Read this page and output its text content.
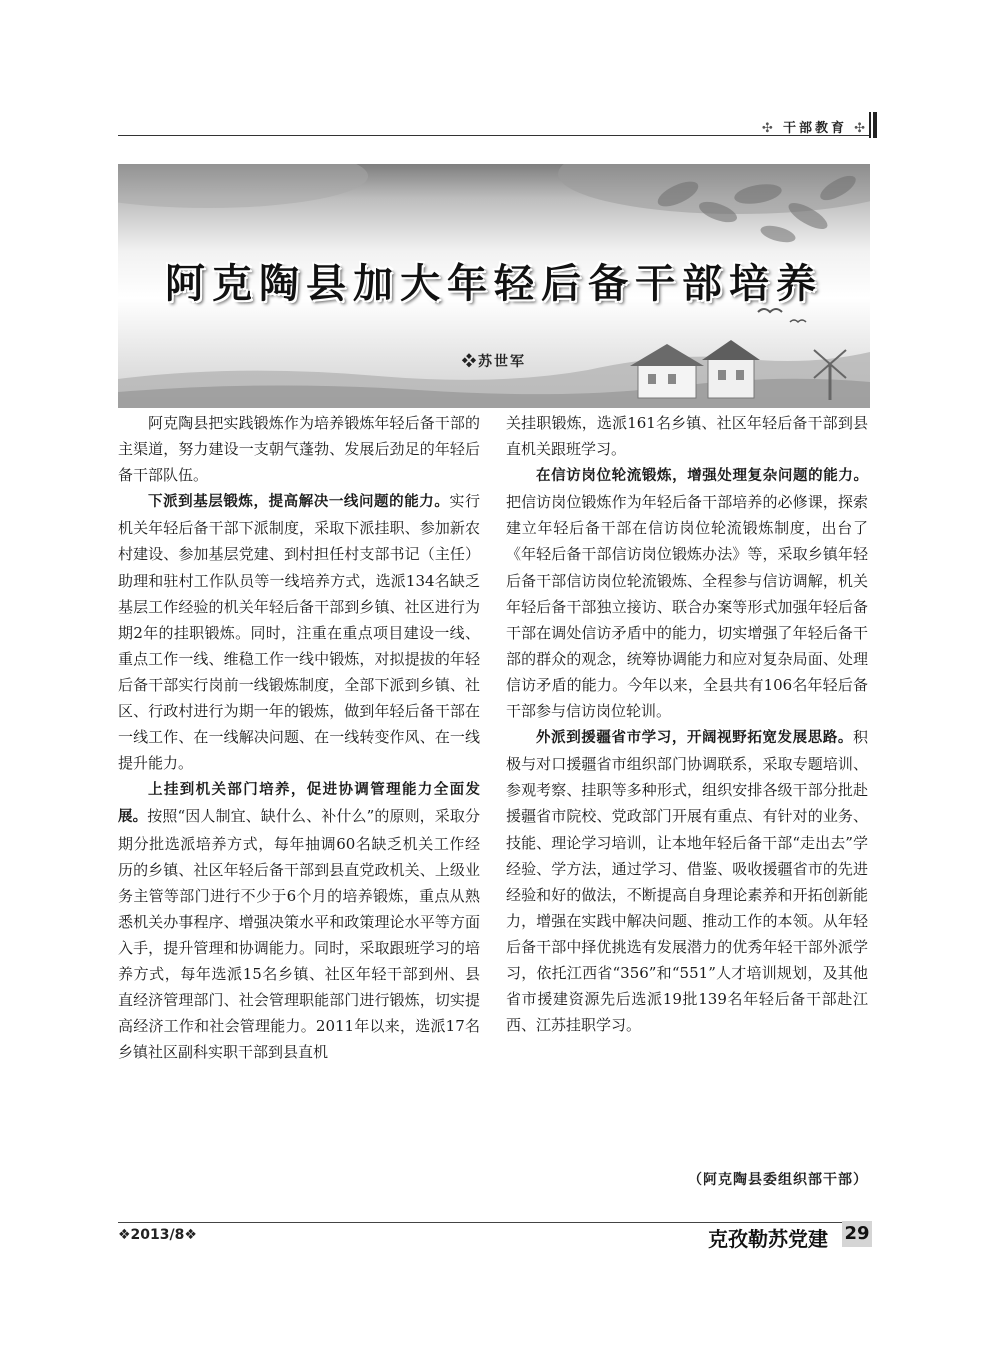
✣ 干部教育 ✣
阿克陶县加大年轻后备干部培养
❖苏世军

阿克陶县把实践锻炼作为培养锻炼年轻后备干部的主渠道，努力建设一支朝气蓬勃、发展后劲足的年轻后备干部队伍。

下派到基层锻炼，提高解决一线问题的能力。实行机关年轻后备干部下派制度，采取下派挂职、参加新农村建设、参加基层党建、到村担任村支部书记（主任）助理和驻村工作队员等一线培养方式，选派134名缺乏基层工作经验的机关年轻后备干部到乡镇、社区进行为期2年的挂职锻炼。同时，注重在重点项目建设一线、重点工作一线、维稳工作一线中锻炼，对拟提拔的年轻后备干部实行岗前一线锻炼制度，全部下派到乡镇、社区、行政村进行为期一年的锻炼，做到年轻后备干部在一线工作、在一线解决问题、在一线转变作风、在一线提升能力。

上挂到机关部门培养，促进协调管理能力全面发展。按照“因人制宜、缺什么、补什么”的原则，采取分期分批选派培养方式，每年抽调60名缺乏机关工作经历的乡镇、社区年轻后备干部到县直党政机关、上级业务主管等部门进行不少于6个月的培养锻炼，重点从熟悉机关办事程序、增强决策水平和政策理论水平等方面入手，提升管理和协调能力。同时，采取跟班学习的培养方式，每年选派15名乡镇、社区年轻干部到州、县直经济管理部门、社会管理职能部门进行锻炼，切实提高经济工作和社会管理能力。2011年以来，选派17名乡镇社区副科实职干部到县直机

关挂职锻炼，选派161名乡镇、社区年轻后备干部到县直机关跟班学习。

在信访岗位轮流锻炼，增强处理复杂问题的能力。把信访岗位锻炼作为年轻后备干部培养的必修课，探索建立年轻后备干部在信访岗位轮流锻炼制度，出台了《年轻后备干部信访岗位锻炼办法》等，采取乡镇年轻后备干部信访岗位轮流锻炼、全程参与信访调解，机关年轻后备干部独立接访、联合办案等形式加强年轻后备干部在调处信访矛盾中的能力，切实增强了年轻后备干部的群众的观念，统筹协调能力和应对复杂局面、处理信访矛盾的能力。今年以来，全县共有106名年轻后备干部参与信访岗位轮训。

外派到援疆省市学习，开阔视野拓宽发展思路。积极与对口援疆省市组织部门协调联系，采取专题培训、参观考察、挂职等多种形式，组织安排各级干部分批赴援疆省市院校、党政部门开展有重点、有针对的业务、技能、理论学习培训，让本地年轻后备干部“走出去”学经验、学方法，通过学习、借鉴、吸收援疆省市的先进经验和好的做法，不断提高自身理论素养和开拓创新能力，增强在实践中解决问题、推动工作的本领。从年轻后备干部中择优挑选有发展潜力的优秀年轻干部外派学习，依托江西省“356”和“551”人才培训规划，及其他省市援建资源先后选派19批139名年轻后备干部赴江西、江苏挂职学习。

（阿克陶县委组织部干部）
❖2013/8❖	克孜勒苏党建 29
